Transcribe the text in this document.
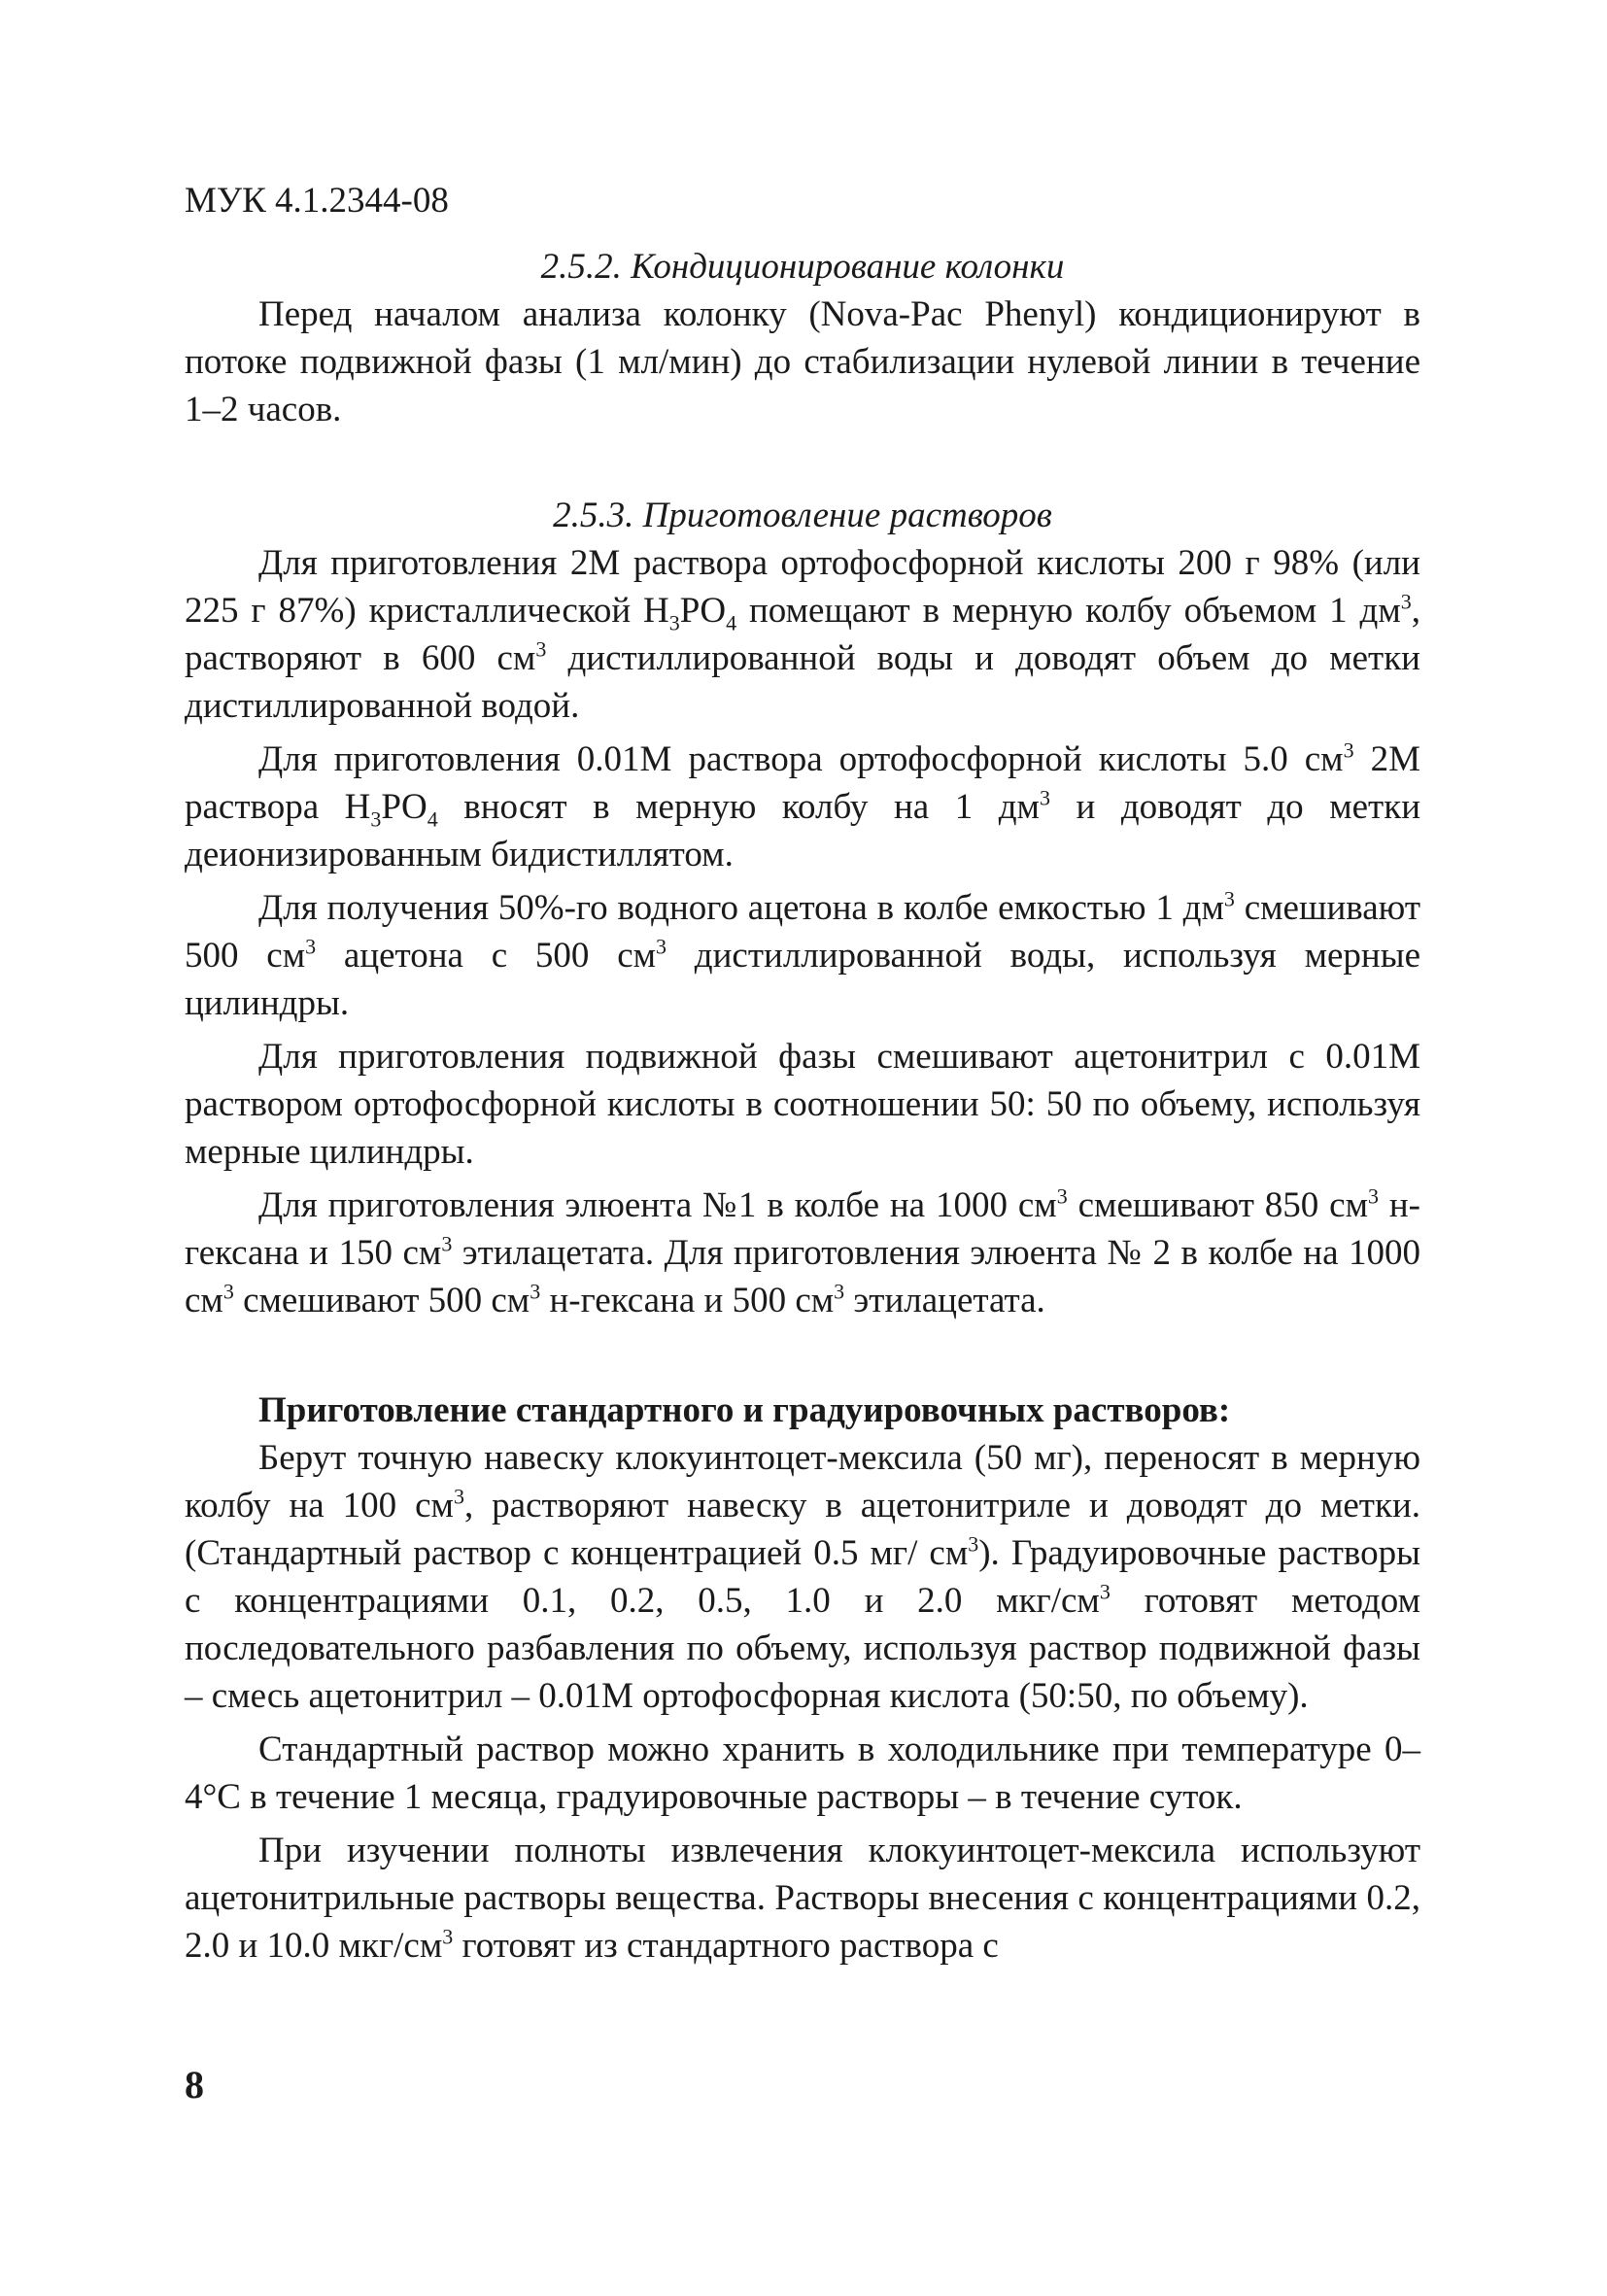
МУК 4.1.2344-08
2.5.2. Кондиционирование колонки

Перед началом анализа колонку (Nova-Pac Phenyl) кондиционируют в потоке подвижной фазы (1 мл/мин) до стабилизации нулевой линии в течение 1–2 часов.

2.5.3. Приготовление растворов

Для приготовления 2М раствора ортофосфорной кислоты 200 г 98% (или 225 г 87%) кристаллической $H_3PO_4$ помещают в мерную колбу объемом 1 $дм^3$, растворяют в 600 $см^3$ дистиллированной воды и доводят объем до метки дистиллированной водой.

Для приготовления 0.01М раствора ортофосфорной кислоты 5.0 $см^3$ 2М раствора $H_3PO_4$ вносят в мерную колбу на 1 $дм^3$ и доводят до метки деионизированным бидистиллятом.

Для получения 50%-го водного ацетона в колбе емкостью 1 $дм^3$ смешивают 500 $см^3$ ацетона с 500 $см^3$ дистиллированной воды, используя мерные цилиндры.

Для приготовления подвижной фазы смешивают ацетонитрил с 0.01М раствором ортофосфорной кислоты в соотношении 50: 50 по объему, используя мерные цилиндры.

Для приготовления элюента №1 в колбе на 1000 $см^3$ смешивают 850 $см^3$ н-гексана и 150 $см^3$ этилацетата. Для приготовления элюента № 2 в колбе на 1000 $см^3$ смешивают 500 $см^3$ н-гексана и 500 $см^3$ этилацетата.

Приготовление стандартного и градуировочных растворов:

Берут точную навеску клокуинтоцет-мексила (50 мг), переносят в мерную колбу на 100 $см^3$, растворяют навеску в ацетонитриле и доводят до метки. (Стандартный раствор с концентрацией 0.5 мг/ $см^3$). Градуировочные растворы с концентрациями 0.1, 0.2, 0.5, 1.0 и 2.0 мкг/$см^3$ готовят методом последовательного разбавления по объему, используя раствор подвижной фазы – смесь ацетонитрил – 0.01М ортофосфорная кислота (50:50, по объему).

Стандартный раствор можно хранить в холодильнике при температуре 0–4°С в течение 1 месяца, градуировочные растворы – в течение суток.

При изучении полноты извлечения клокуинтоцет-мексила используют ацетонитрильные растворы вещества. Растворы внесения с концентрациями 0.2, 2.0 и 10.0 мкг/$см^3$ готовят из стандартного раствора с

8
